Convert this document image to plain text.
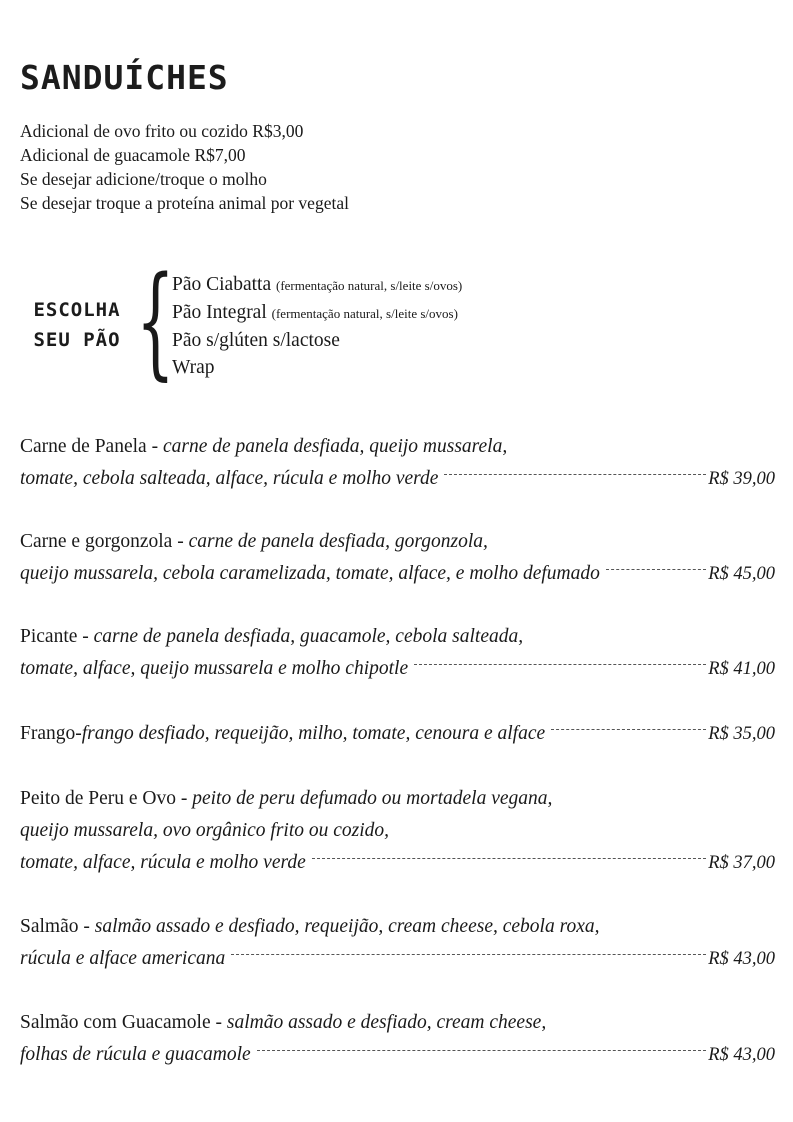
SANDUÍCHES
Adicional de ovo frito ou cozido R$3,00
Adicional de guacamole R$7,00
Se desejar adicione/troque o molho
Se desejar troque a proteína animal por vegetal
ESCOLHA
SEU PÃO {
Pão Ciabatta (fermentação natural, s/leite s/ovos)
Pão Integral (fermentação natural, s/leite s/ovos)
Pão s/glúten s/lactose
Wrap
Carne de Panela - carne de panela desfiada, queijo mussarela,
tomate, cebola salteada, alface, rúcula e molho verde	R$ 39,00
Carne e gorgonzola - carne de panela desfiada, gorgonzola,
queijo mussarela, cebola caramelizada, tomate, alface, e molho defumado	R$ 45,00
Picante - carne de panela desfiada, guacamole, cebola salteada,
tomate, alface, queijo mussarela e molho chipotle	R$ 41,00
Frango - frango desfiado, requeijão, milho, tomate, cenoura e alface	R$ 35,00
Peito de Peru e Ovo - peito de peru defumado ou mortadela vegana,
queijo mussarela, ovo orgânico frito ou cozido,
tomate, alface, rúcula e molho verde	R$ 37,00
Salmão - salmão assado e desfiado, requeijão, cream cheese, cebola roxa,
rúcula e alface americana	R$ 43,00
Salmão com Guacamole - salmão assado e desfiado, cream cheese,
folhas de rúcula e guacamole	R$ 43,00
